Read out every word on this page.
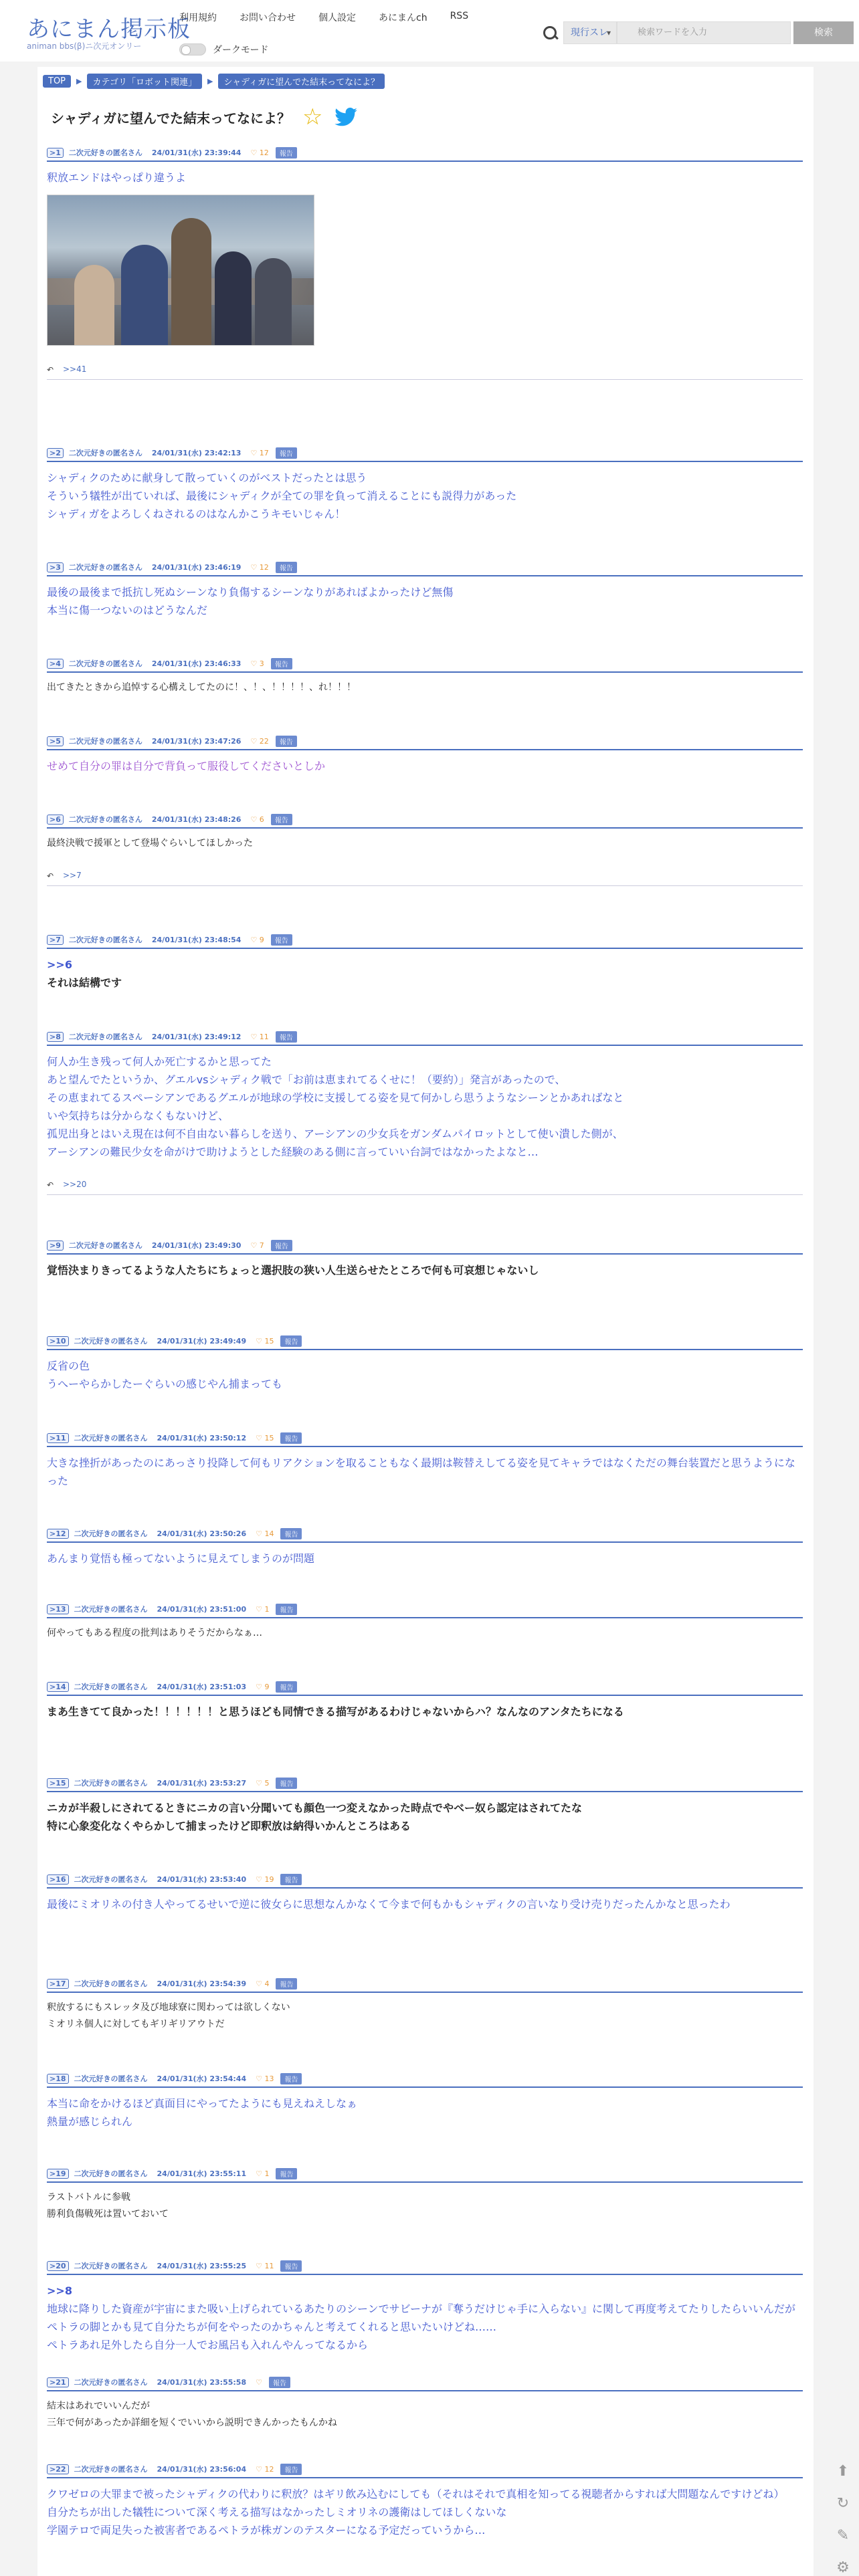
あにまん掲示板
animan bbs(β)ニ次元オンリー
利用規約 お問い合わせ 個人設定 あにまんch RSS
ダークモード
現行スレ ▾	検索ワードを入力	検索
TOP	▶	カテゴリ「ロボット関連」	▶	シャディガに望んでた結末ってなによ？
シャディガに望んでた結末ってなによ？ ☆
>1	二次元好きの匿名さん 24/01/31(水) 23:39:44 ♡ 12	報告
釈放エンドはやっぱり違うよ
↶	>>41
>2	二次元好きの匿名さん 24/01/31(水) 23:42:13 ♡ 17	報告
シャディクのために献身して散っていくのがベストだったとは思う
そういう犠牲が出ていれば、最後にシャディクが全ての罪を負って消えることにも説得力があった
シャディガをよろしくねされるのはなんかこうキモいじゃん！
>3	二次元好きの匿名さん 24/01/31(水) 23:46:19 ♡ 12	報告
最後の最後まで抵抗し死ぬシーンなり負傷するシーンなりがあればよかったけど無傷
本当に傷一つないのはどうなんだ
>4	二次元好きの匿名さん 24/01/31(水) 23:46:33 ♡ 3	報告
出てきたときから追悼する心構えしてたのに！、！、！！！！、れ！！！
>5	二次元好きの匿名さん 24/01/31(水) 23:47:26 ♡ 22	報告
せめて自分の罪は自分で背負って服役してくださいとしか
>6	二次元好きの匿名さん 24/01/31(水) 23:48:26 ♡ 6	報告
最終決戦で援軍として登場ぐらいしてほしかった
↶	>>7
>7	二次元好きの匿名さん 24/01/31(水) 23:48:54 ♡ 9	報告
>>6
それは結構です
>8	二次元好きの匿名さん 24/01/31(水) 23:49:12 ♡ 11	報告
何人か生き残って何人か死亡するかと思ってた
あと望んでたというか、グエルvsシャディク戦で「お前は恵まれてるくせに！（要約）」発言があったので、
その恵まれてるスペーシアンであるグエルが地球の学校に支援してる姿を見て何かしら思うようなシーンとかあればなと
いや気持ちは分からなくもないけど、
孤児出身とはいえ現在は何不自由ない暮らしを送り、アーシアンの少女兵をガンダムパイロットとして使い潰した側が、
アーシアンの難民少女を命がけで助けようとした経験のある側に言っていい台詞ではなかったよなと…
↶	>>20
>9	二次元好きの匿名さん 24/01/31(水) 23:49:30 ♡ 7	報告
覚悟決まりきってるような人たちにちょっと選択肢の狭い人生送らせたところで何も可哀想じゃないし
>10	二次元好きの匿名さん 24/01/31(水) 23:49:49 ♡ 15	報告
反省の色
うへーやらかしたーぐらいの感じやん捕まっても
>11	二次元好きの匿名さん 24/01/31(水) 23:50:12 ♡ 15	報告
大きな挫折があったのにあっさり投降して何もリアクションを取ることもなく最期は鞍替えしてる姿を見てキャラではなくただの舞台装置だと思うようになった
>12	二次元好きの匿名さん 24/01/31(水) 23:50:26 ♡ 14	報告
あんまり覚悟も極ってないように見えてしまうのが問題
>13	二次元好きの匿名さん 24/01/31(水) 23:51:00 ♡ 1	報告
何やってもある程度の批判はありそうだからなぁ…
>14	二次元好きの匿名さん 24/01/31(水) 23:51:03 ♡ 9	報告
まあ生きてて良かった！！！！！！と思うほども同情できる描写があるわけじゃないからハ？なんなのアンタたちになる
>15	二次元好きの匿名さん 24/01/31(水) 23:53:27 ♡ 5	報告
ニカが半殺しにされてるときにニカの言い分聞いても顔色一つ変えなかった時点でやベー奴ら認定はされてたな
特に心象変化なくやらかして捕まったけど即釈放は納得いかんところはある
>16	二次元好きの匿名さん 24/01/31(水) 23:53:40 ♡ 19	報告
最後にミオリネの付き人やってるせいで逆に彼女らに思想なんかなくて今まで何もかもシャディクの言いなり受け売りだったんかなと思ったわ
>17	二次元好きの匿名さん 24/01/31(水) 23:54:39 ♡ 4	報告
釈放するにもスレッタ及び地球寮に関わっては欲しくない
ミオリネ個人に対してもギリギリアウトだ
>18	二次元好きの匿名さん 24/01/31(水) 23:54:44 ♡ 13	報告
本当に命をかけるほど真面目にやってたようにも見えねえしなぁ
熱量が感じられん
>19	二次元好きの匿名さん 24/01/31(水) 23:55:11 ♡ 1	報告
ラストバトルに参戦
勝利負傷戦死は置いておいて
>20	二次元好きの匿名さん 24/01/31(水) 23:55:25 ♡ 11	報告
>>8
地球に降りした資産が宇宙にまた吸い上げられているあたりのシーンでサビーナが『奪うだけじゃ手に入らない』に関して再度考えてたりしたらいいんだが
ペトラの脚とかも見て自分たちが何をやったのかちゃんと考えてくれると思いたいけどね……
ペトラあれ足外したら自分一人でお風呂も入れんやんってなるから
>21	二次元好きの匿名さん 24/01/31(水) 23:55:58 ♡	報告
結末はあれでいいんだが
三年で何があったか詳細を短くでいいから説明できんかったもんかね
>22	二次元好きの匿名さん 24/01/31(水) 23:56:04 ♡ 12	報告
クワゼロの大罪まで被ったシャディクの代わりに釈放？はギリ飲み込むにしても（それはそれで真相を知ってる視聴者からすれば大問題なんですけどね）
自分たちが出した犠牲について深く考える描写はなかったしミオリネの護衛はしてほしくないな
学園テロで両足失った被害者であるペトラが株ガンのテスターになる予定だっていうから…
⬆
↻
✎
⚙
